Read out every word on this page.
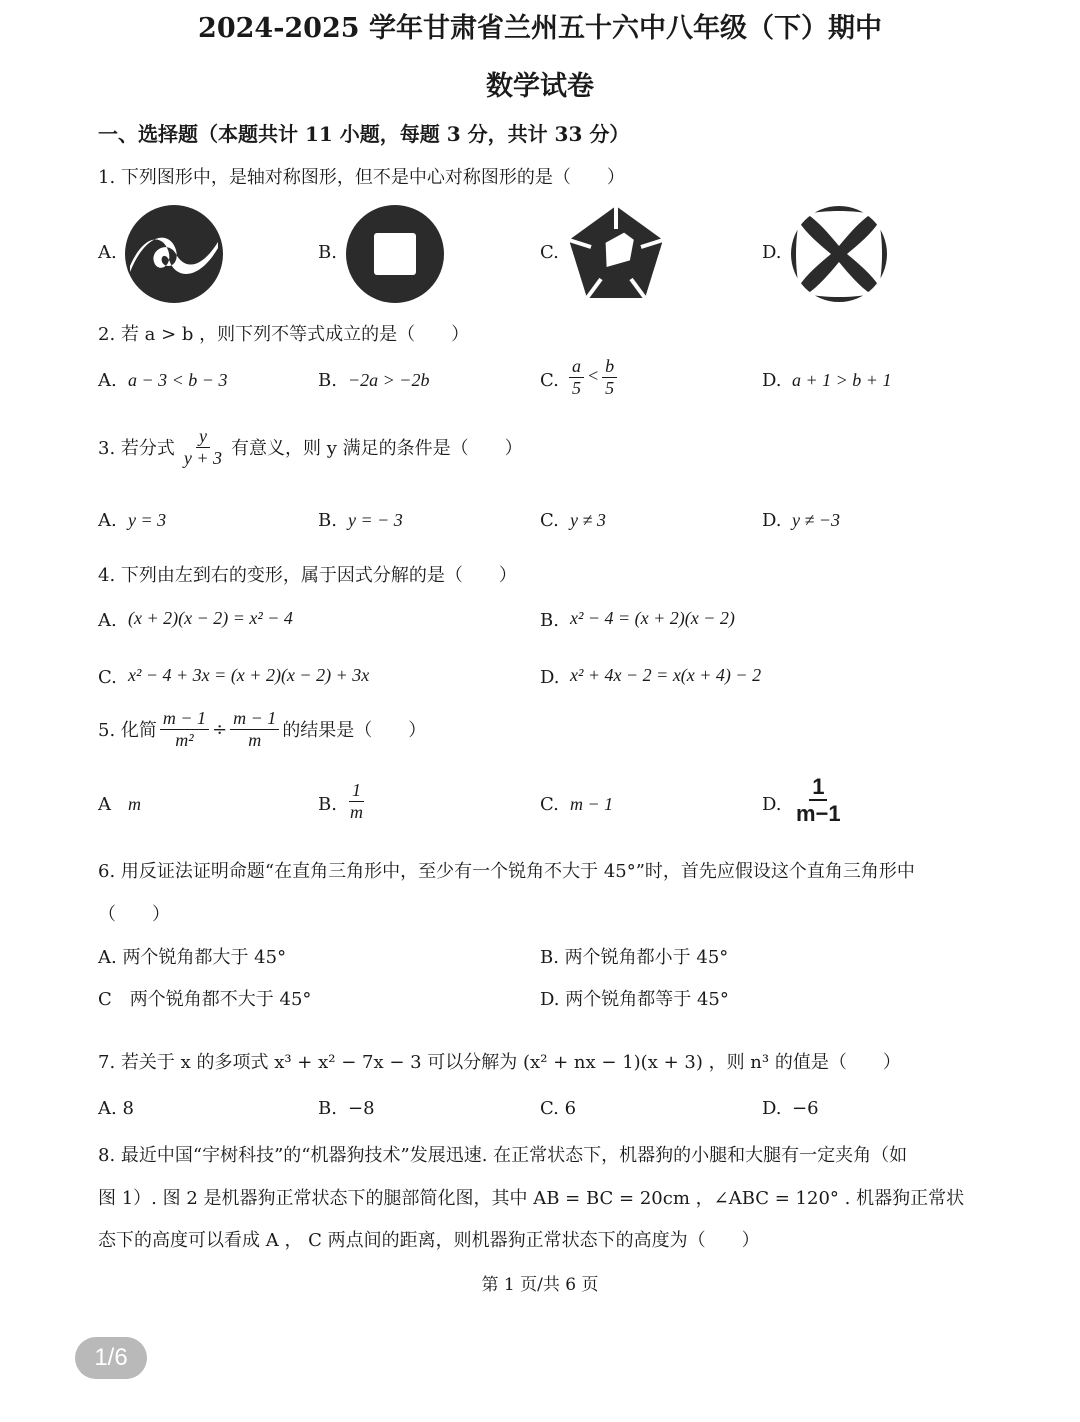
2024-2025 学年甘肃省兰州五十六中八年级（下）期中
数学试卷
一、选择题（本题共计 11 小题，每题 3 分，共计 33 分）
1. 下列图形中，是轴对称图形，但不是中心对称图形的是（　　）
A.	B.	C.	D.
2. 若 a > b ，则下列不等式成立的是（　　）
A. a − 3 < b − 3	B. −2a > −2b	C. $\frac{a}{5} < \frac{b}{5}$	D. a + 1 > b + 1
3. 若分式 $\frac{y}{y + 3}$ 有意义，则 y 满足的条件是（　　）
A. y = 3	B. y = − 3	C. y ≠ 3	D. y ≠ −3
4. 下列由左到右的变形，属于因式分解的是（　　）
A. (x + 2)(x − 2) = x² − 4	B. x² − 4 = (x + 2)(x − 2)
C. x² − 4 + 3x = (x + 2)(x − 2) + 3x	D. x² + 4x − 2 = x(x + 4) − 2
5. 化简 $\frac{m - 1}{\text{m²}} \div \frac{m - 1}{m}$ 的结果是（　　）
A m	B. $\frac{1}{m}$	C. m − 1	D. $\frac{1}{m-1}$
6. 用反证法证明命题“在直角三角形中，至少有一个锐角不大于 45°”时，首先应假设这个直角三角形中
（　　）
A. 两个锐角都大于 45°	B. 两个锐角都小于 45°
C　两个锐角都不大于 45°	D. 两个锐角都等于 45°
7. 若关于 x 的多项式 x³ + x² − 7x − 3 可以分解为 (x² + nx − 1)(x + 3) ，则 n³ 的值是（　　）
A. 8	B. −8	C. 6	D. −6
8. 最近中国“宇树科技”的“机器狗技术”发展迅速. 在正常状态下，机器狗的小腿和大腿有一定夹角（如
图 1）. 图 2 是机器狗正常状态下的腿部简化图，其中 AB = BC = 20cm ，∠ABC = 120° . 机器狗正常状
态下的高度可以看成 A ， C 两点间的距离，则机器狗正常状态下的高度为（　　）
第 1 页/共 6 页
1/6
